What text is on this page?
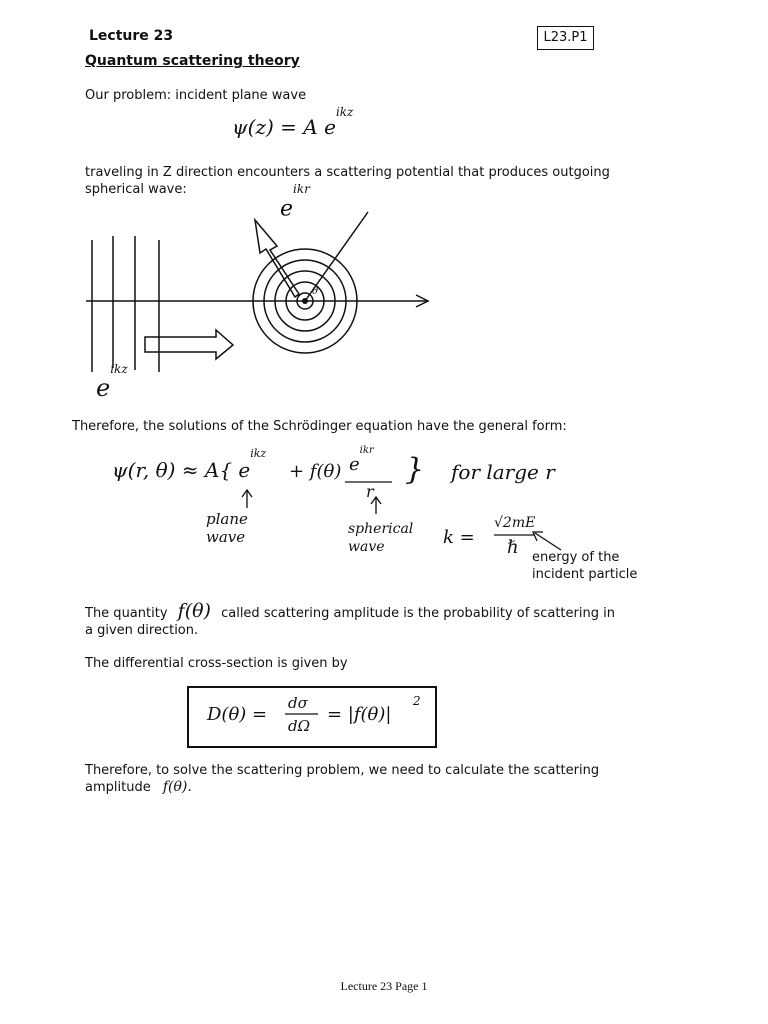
Lecture 23	L23.P1
Quantum scattering theory
Our problem: incident plane wave
ψ(z) = A $e^{ikz}$
traveling in Z direction encounters a scattering potential that produces outgoing spherical wave:
$e^{ikr}$
θ
$e^{ikz}$
Therefore, the solutions of the Schrödinger equation have the general form:
ψ(r, θ) ≈ A{ $e^{ikz}$
+ f(θ) $e^{ikr}$
r
} for large r
plane
wave	spherical
wave	k =
√2mE
ℏ energy of the
incident particle
The quantity f(θ) called scattering amplitude is the probability of scattering in a given direction.
The differential cross-section is given by
D(θ) =
dσ
dΩ
= |f(θ)|
2
Therefore, to solve the scattering problem, we need to calculate the scattering amplitude f(θ).
Lecture 23 Page 1
